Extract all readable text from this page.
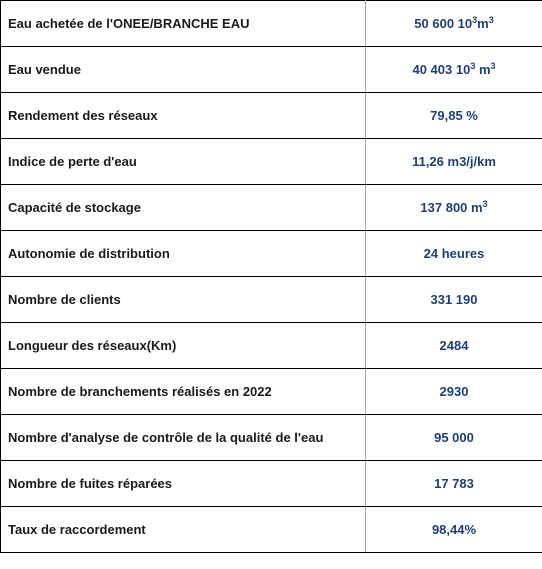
Eau achetée de l'ONEE/BRANCHE EAU	50 600 $10^3m^3$
Eau vendue	40 403 $10^3$ $m^3$
Rendement des réseaux	79,85 %
Indice de perte d'eau	11,26 m3/j/km
Capacité de stockage	137 800 $m^3$
Autonomie de distribution	24 heures
Nombre de clients	331 190
Longueur des réseaux(Km)	2484
Nombre de branchements réalisés en 2022	2930
Nombre d'analyse de contrôle de la qualité de l'eau	95 000
Nombre de fuites réparées	17 783
Taux de raccordement	98,44%
